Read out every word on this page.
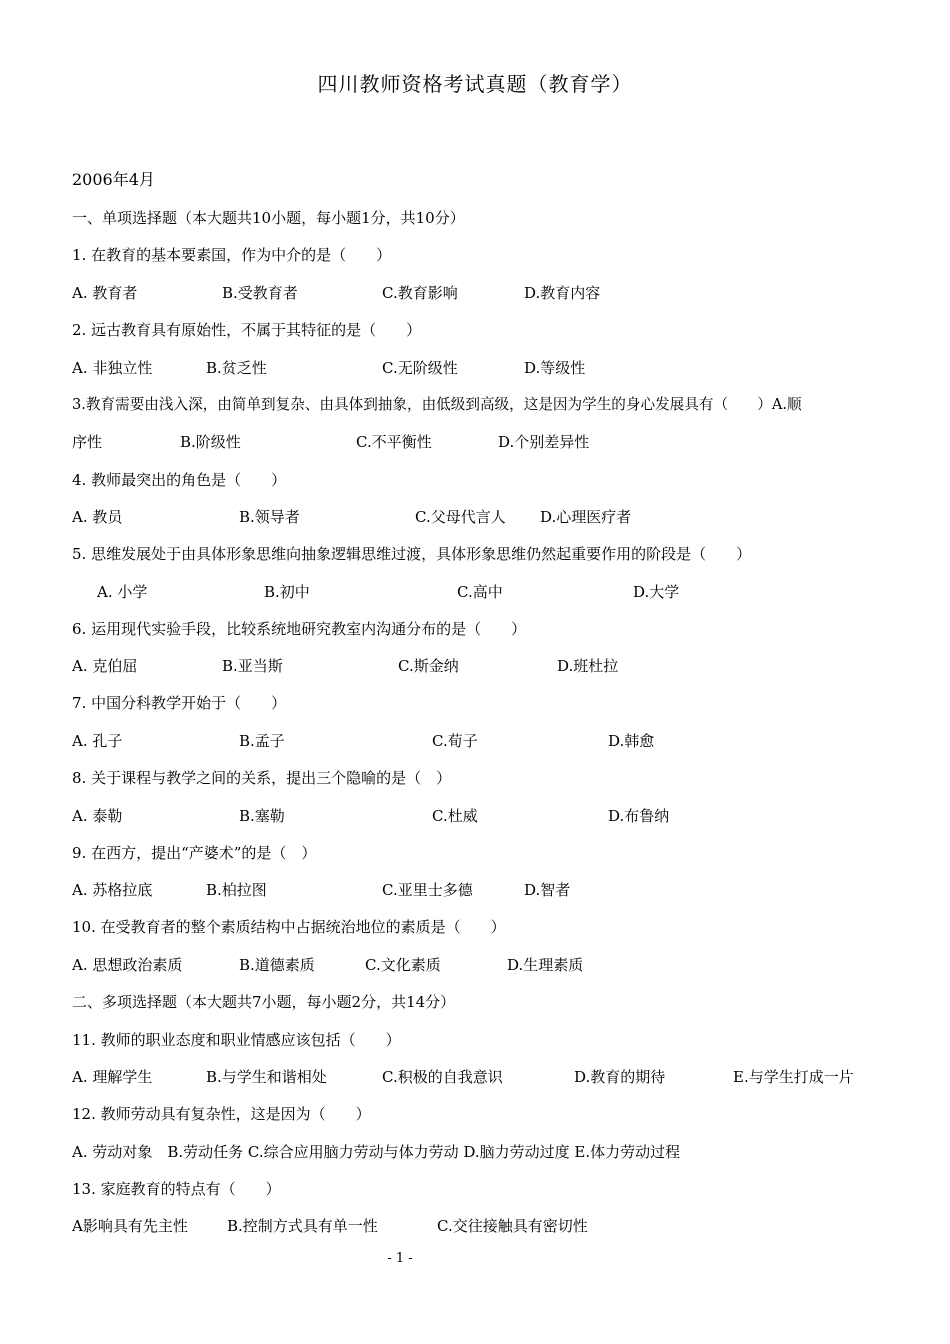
四川教师资格考试真题（教育学）
2006年4月
一、单项选择题（本大题共10小题，每小题1分，共10分）
1. 在教育的基本要素国，作为中介的是（　　）
A. 教育者	B.受教育者	C.教育影响	D.教育内容
2. 远古教育具有原始性，不属于其特征的是（　　）
A. 非独立性	B.贫乏性	C.无阶级性	D.等级性
3.教育需要由浅入深，由简单到复杂、由具体到抽象，由低级到高级，这是因为学生的身心发展具有（　　）A.顺
序性	B.阶级性	C.不平衡性	D.个别差异性
4. 教师最突出的角色是（　　）
A. 教员	B.领导者	C.父母代言人 D.心理医疗者
5. 思维发展处于由具体形象思维向抽象逻辑思维过渡，具体形象思维仍然起重要作用的阶段是（　　）
A. 小学	B.初中	C.高中	D.大学
6. 运用现代实验手段，比较系统地研究教室内沟通分布的是（　　）
A. 克伯屈	B.亚当斯	C.斯金纳	D.班杜拉
7. 中国分科教学开始于（　　）
A. 孔子	B.孟子	C.荀子	D.韩愈
8. 关于课程与教学之间的关系，提出三个隐喻的是（　）
A. 泰勒	B.塞勒	C.杜威	D.布鲁纳
9. 在西方，提出“产婆术”的是（　）
A. 苏格拉底	B.柏拉图	C.亚里士多德	D.智者
10. 在受教育者的整个素质结构中占据统治地位的素质是（　　）
A. 思想政治素质	B.道德素质	C.文化素质	D.生理素质
二、多项选择题（本大题共7小题，每小题2分，共14分）
11. 教师的职业态度和职业情感应该包括（　　）
A. 理解学生	B.与学生和谐相处	C.积极的自我意识	D.教育的期待	E.与学生打成一片
12. 教师劳动具有复杂性，这是因为（　　）
A. 劳动对象　B.劳动任务 C.综合应用脑力劳动与体力劳动 D.脑力劳动过度 E.体力劳动过程
13. 家庭教育的特点有（　　）
A影响具有先主性	B.控制方式具有单一性	C.交往接触具有密切性
- 1 -
